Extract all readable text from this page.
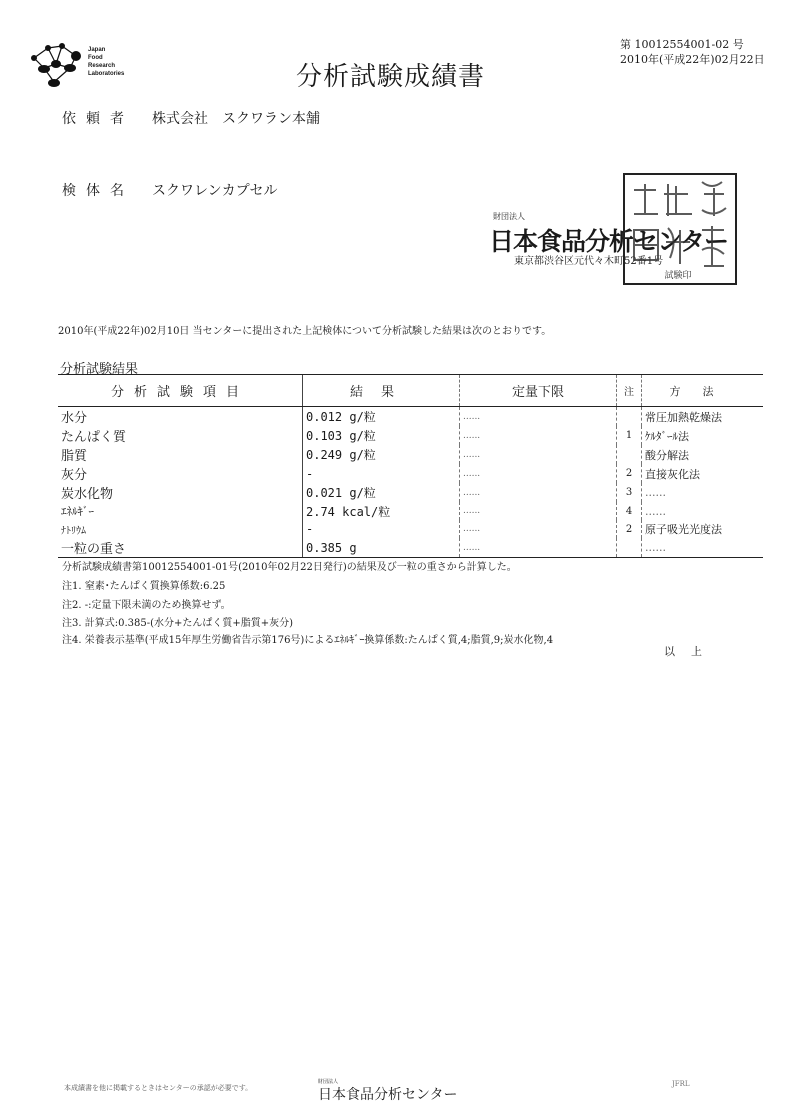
Japan
Food
Research
Laboratories	分析試験成績書
第 10012554001-02 号
2010年(平成22年)02月22日
依頼者 株式会社　スクワラン本舗
検体名 スクワレンカプセル
財団法人
日本食品分析センター
東京都渋谷区元代々木町52番1号
試験印
2010年(平成22年)02月10日 当センターに提出された上記検体について分析試験した結果は次のとおりです。
分析試験結果
分析試験項目	結果	定量下限	注	方法
水分	0.012 g/粒	......		常圧加熱乾燥法
たんぱく質	0.103 g/粒	......	1	ｹﾙﾀﾞｰﾙ法
脂質	0.249 g/粒	......		酸分解法
灰分	-	......	2	直接灰化法
炭水化物	0.021 g/粒	......	3	......
ｴﾈﾙｷﾞｰ	2.74 kcal/粒	......	4	......
ﾅﾄﾘｳﾑ	-	......	2	原子吸光光度法
一粒の重さ	0.385 g	......		......
分析試験成績書第10012554001-01号(2010年02月22日発行)の結果及び一粒の重さから計算した。
注1. 窒素･たんぱく質換算係数:6.25
注2. -:定量下限未満のため換算せず。
注3. 計算式:0.385-(水分+たんぱく質+脂質+灰分)
注4. 栄養表示基準(平成15年厚生労働省告示第176号)によるｴﾈﾙｷﾞｰ換算係数:たんぱく質,4;脂質,9;炭水化物,4
以上
本成績書を他に掲載するときはセンターの承認が必要です。
財団法人
日本食品分析センター
JFRL
